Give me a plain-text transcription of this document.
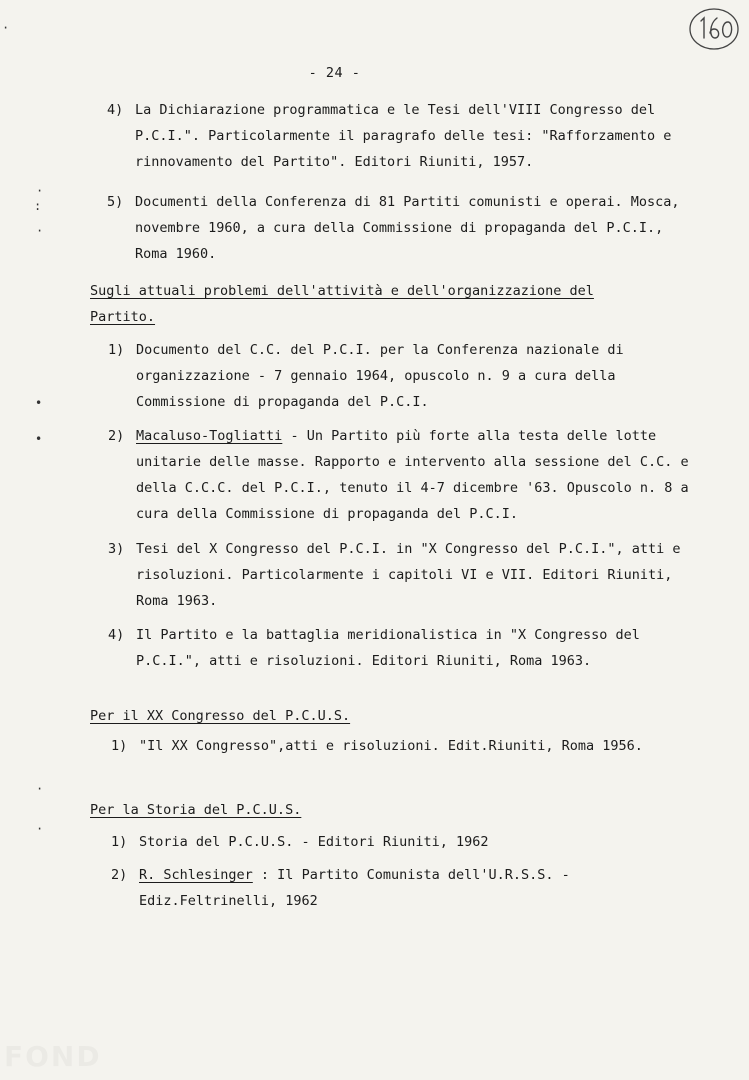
- 24 -
4) La Dichiarazione programmatica e le Tesi dell'VIII Congresso del P.C.I.". Particolarmente il paragrafo delle tesi: "Rafforzamento e rinnovamento del Partito". Editori Riuniti, 1957.
5) Documenti della Conferenza di 81 Partiti comunisti e operai. Mosca, novembre 1960, a cura della Commissione di propaganda del P.C.I., Roma 1960.
Sugli attuali problemi dell'attività e dell'organizzazione del Partito.
1) Documento del C.C. del P.C.I. per la Conferenza nazionale di organizzazione - 7 gennaio 1964, opuscolo n. 9 a cura della Commissione di propaganda del P.C.I.
2) Macaluso-Togliatti - Un Partito più forte alla testa delle lotte unitarie delle masse. Rapporto e intervento alla sessione del C.C. e della C.C.C. del P.C.I., tenuto il 4-7 dicembre '63. Opuscolo n. 8 a cura della Commissione di propaganda del P.C.I.
3) Tesi del X Congresso del P.C.I. in "X Congresso del P.C.I.", atti e risoluzioni. Particolarmente i capitoli VI e VII. Editori Riuniti, Roma 1963.
4) Il Partito e la battaglia meridionalistica in "X Congresso del P.C.I.", atti e risoluzioni. Editori Riuniti, Roma 1963.
Per il XX Congresso del P.C.U.S.
1) "Il XX Congresso",atti e risoluzioni. Edit.Riuniti, Roma 1956.
Per la Storia del P.C.U.S.
1) Storia del P.C.U.S. - Editori Riuniti, 1962
2) R. Schlesinger : Il Partito Comunista dell'U.R.S.S. - Ediz.Feltrinelli, 1962
·
·
:
·
•
•
·
·
